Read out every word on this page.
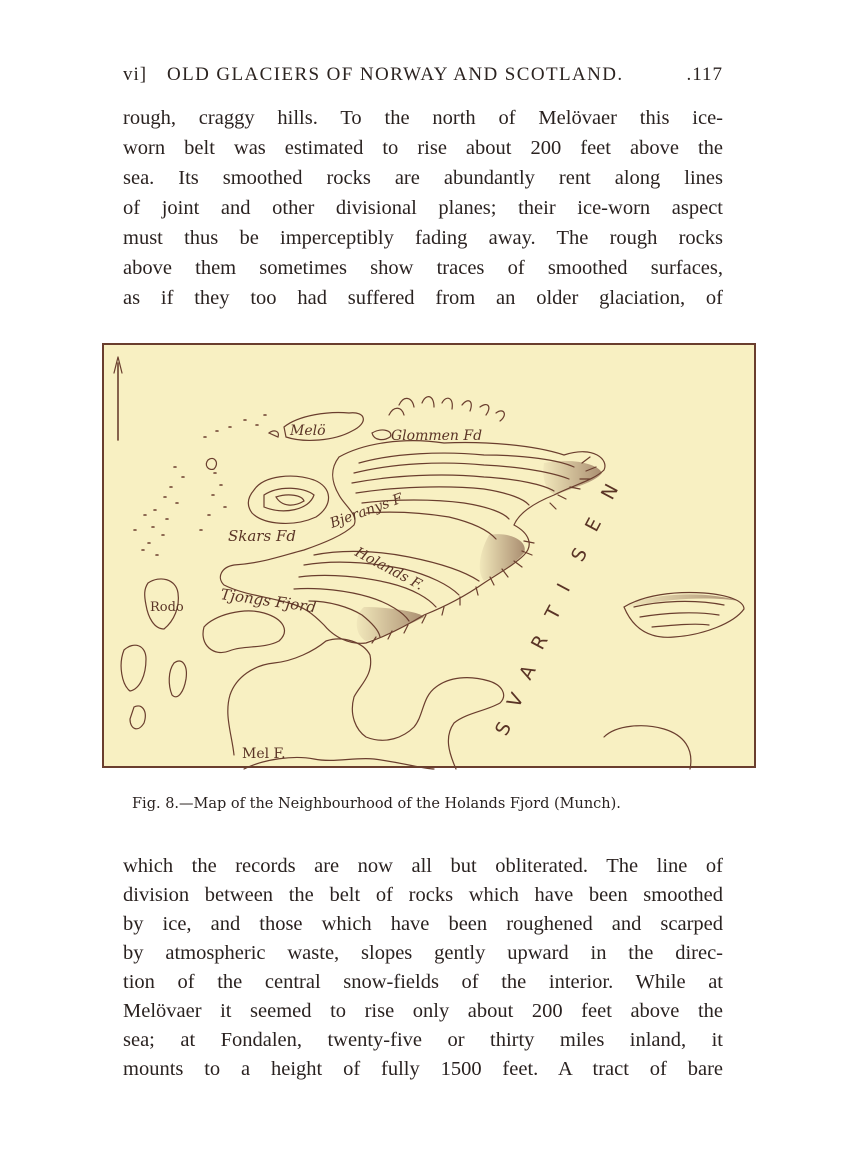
vi] OLD GLACIERS OF NORWAY AND SCOTLAND.	.117
rough, craggy hills. To the north of Melövaer this ice-
worn belt was estimated to rise about 200 feet above the
sea. Its smoothed rocks are abundantly rent along lines
of joint and other divisional planes; their ice-worn aspect
must thus be imperceptibly fading away. The rough rocks
above them sometimes show traces of smoothed surfaces,
as if they too had suffered from an older glaciation, of
Melö	Glommen Fd
Bjeranys F
Skars Fd
Holands F.
Tjongs Fjord
Rodo
Mel F.
S
V
A
R
T
I
S
E
N
Fig. 8.—Map of the Neighbourhood of the Holands Fjord (Munch).
which the records are now all but obliterated. The line of
division between the belt of rocks which have been smoothed
by ice, and those which have been roughened and scarped
by atmospheric waste, slopes gently upward in the direc-
tion of the central snow-fields of the interior. While at
Melövaer it seemed to rise only about 200 feet above the
sea; at Fondalen, twenty-five or thirty miles inland, it
mounts to a height of fully 1500 feet. A tract of bare
